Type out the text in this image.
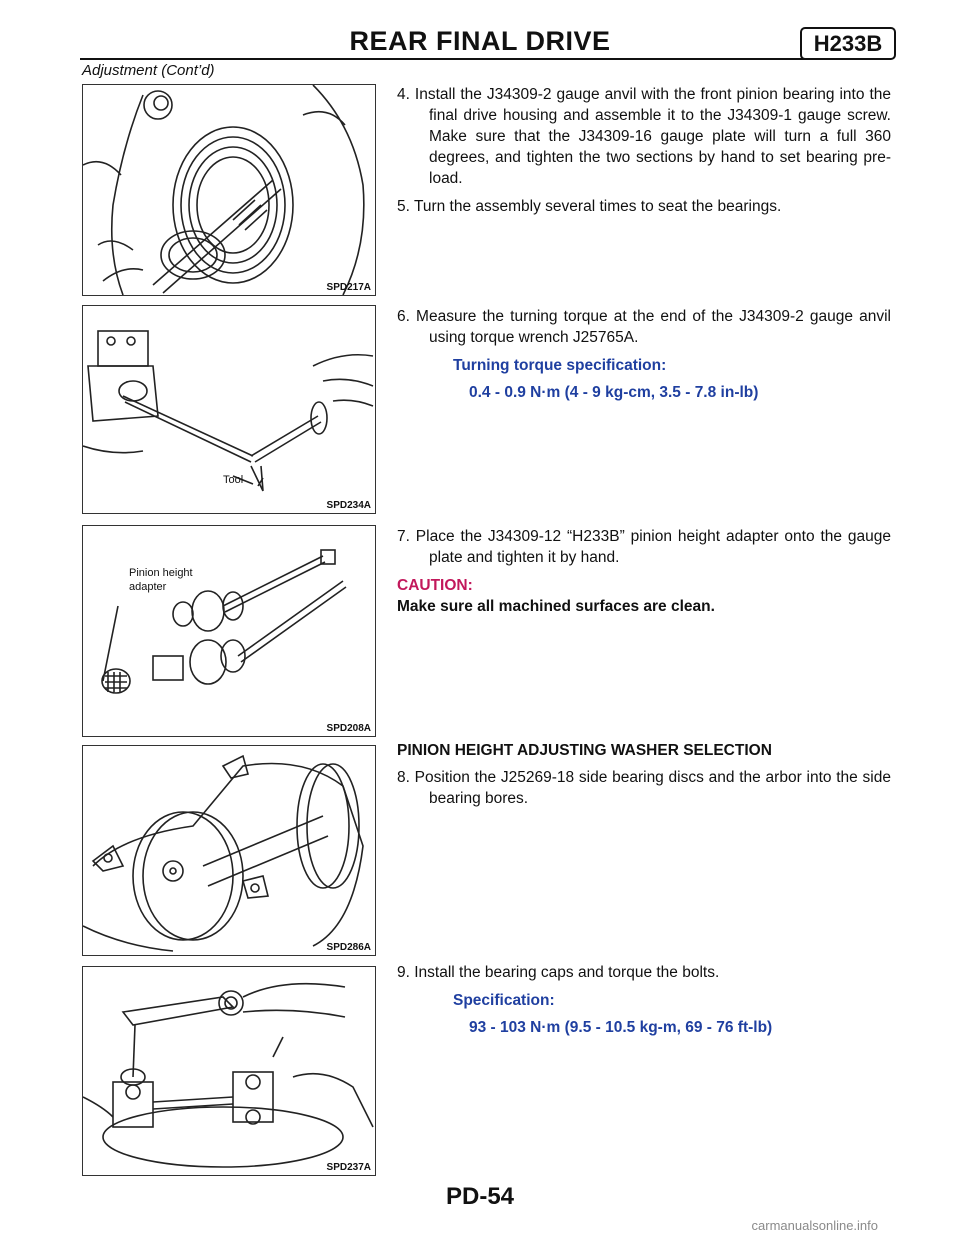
REAR FINAL DRIVE	H233B
Adjustment (Cont’d)
SPD217A
Tool
SPD234A
Pinion height
adapter
SPD208A
SPD286A
SPD237A

4. Install the J34309-2 gauge anvil with the front pinion bearing into the final drive housing and assemble it to the J34309-1 gauge screw. Make sure that the J34309-16 gauge plate will turn a full 360 degrees, and tighten the two sections by hand to set bearing pre-load.

5. Turn the assembly several times to seat the bearings.

6. Measure the turning torque at the end of the J34309-2 gauge anvil using torque wrench J25765A.

Turning torque specification:
0.4 - 0.9 N·m (4 - 9 kg-cm, 3.5 - 7.8 in-lb)

7. Place the J34309-12 “H233B” pinion height adapter onto the gauge plate and tighten it by hand.

CAUTION:
Make sure all machined surfaces are clean.
PINION HEIGHT ADJUSTING WASHER SELECTION

8. Position the J25269-18 side bearing discs and the arbor into the side bearing bores.

9. Install the bearing caps and torque the bolts.

Specification:
93 - 103 N·m (9.5 - 10.5 kg-m, 69 - 76 ft-lb)
PD-54
carmanualsonline.info
